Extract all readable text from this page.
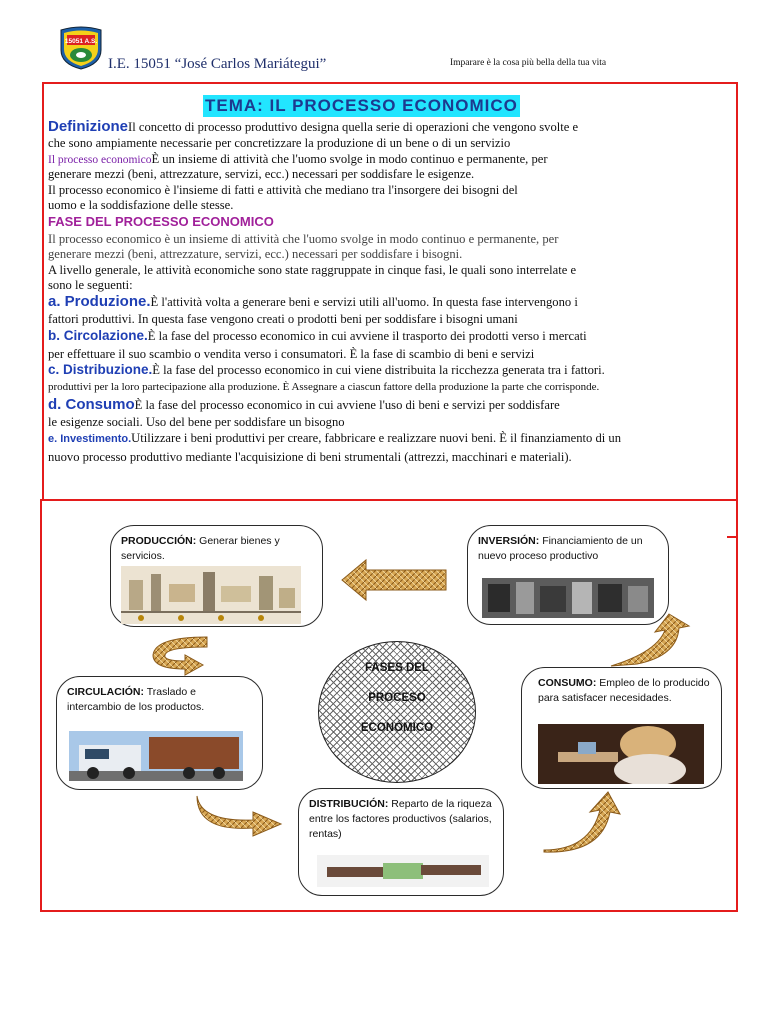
15051 A.S.
I.E. 15051 “José Carlos Mariátegui”	Imparare è la cosa più bella della tua vita
TEMA: IL PROCESSO ECONOMICO
DefinizioneIl concetto di processo produttivo designa quella serie di operazioni che vengono svolte e
che sono ampiamente necessarie per concretizzare la produzione di un bene o di un servizio
Il processo economicoÈ un insieme di attività che l'uomo svolge in modo continuo e permanente, per
generare mezzi (beni, attrezzature, servizi, ecc.) necessari per soddisfare le esigenze.
Il processo economico è l'insieme di fatti e attività che mediano tra l'insorgere dei bisogni del
uomo e la soddisfazione delle stesse.
FASE DEL PROCESSO ECONOMICO
Il processo economico è un insieme di attività che l'uomo svolge in modo continuo e permanente, per
generare mezzi (beni, attrezzature, servizi, ecc.) necessari per soddisfare i bisogni.
A livello generale, le attività economiche sono state raggruppate in cinque fasi, le quali sono interrelate e
sono le seguenti:
a. Produzione.È l'attività volta a generare beni e servizi utili all'uomo. In questa fase intervengono i
fattori produttivi. In questa fase vengono creati o prodotti beni per soddisfare i bisogni umani
b. Circolazione.È la fase del processo economico in cui avviene il trasporto dei prodotti verso i mercati
per effettuare il suo scambio o vendita verso i consumatori. È la fase di scambio di beni e servizi
c. Distribuzione.È la fase del processo economico in cui viene distribuita la ricchezza generata tra i fattori.
produttivi per la loro partecipazione alla produzione. È Assegnare a ciascun fattore della produzione la parte che corrisponde.
d. ConsumoÈ la fase del processo economico in cui avviene l'uso di beni e servizi per soddisfare
le esigenze sociali. Uso del bene per soddisfare un bisogno
e. Investimento.Utilizzare i beni produttivi per creare, fabbricare e realizzare nuovi beni. È il finanziamento di un
nuovo processo produttivo mediante l'acquisizione di beni strumentali (attrezzi, macchinari e materiali).
PRODUCCIÓN: Generar bienes y servicios.
INVERSIÓN: Financiamiento de un nuevo proceso productivo
CIRCULACIÓN: Traslado e intercambio de los productos.
CONSUMO: Empleo de lo producido para satisfacer necesidades.
DISTRIBUCIÓN: Reparto de la riqueza entre los factores productivos (salarios, rentas)
FASES DEL
PROCESO
ECONÓMICO
